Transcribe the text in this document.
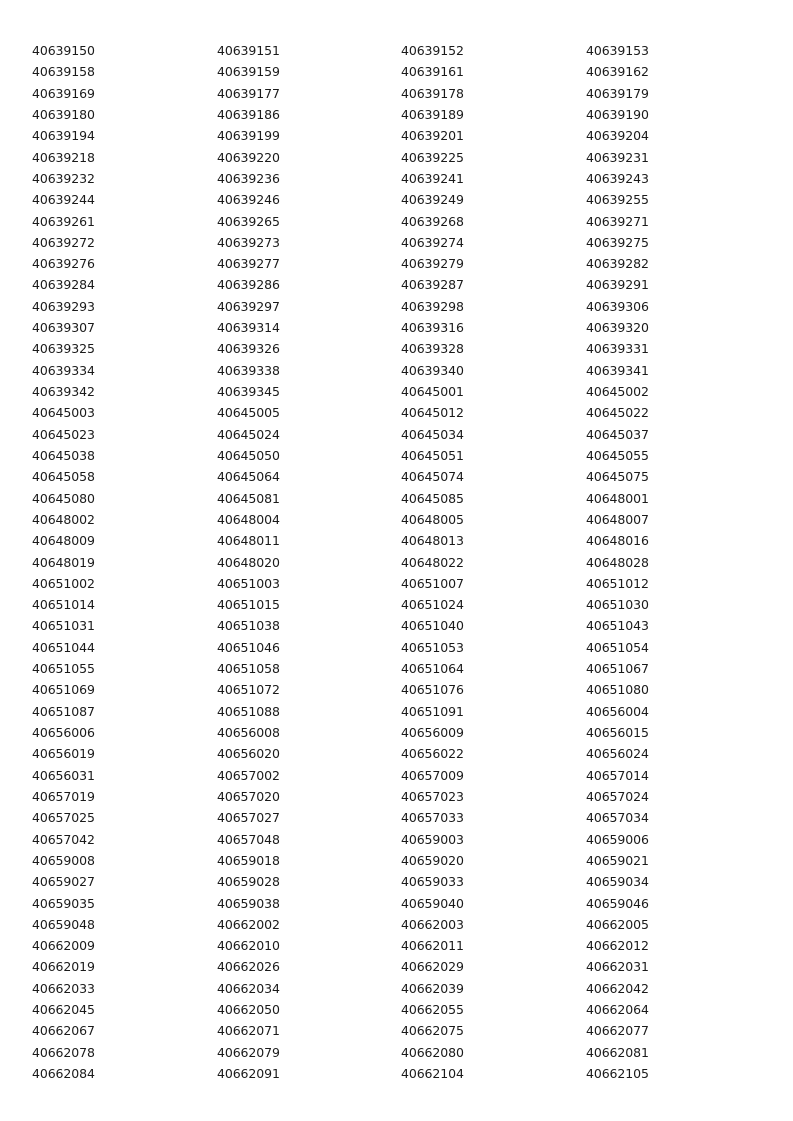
40639150	40639151	40639152	40639153
40639158	40639159	40639161	40639162
40639169	40639177	40639178	40639179
40639180	40639186	40639189	40639190
40639194	40639199	40639201	40639204
40639218	40639220	40639225	40639231
40639232	40639236	40639241	40639243
40639244	40639246	40639249	40639255
40639261	40639265	40639268	40639271
40639272	40639273	40639274	40639275
40639276	40639277	40639279	40639282
40639284	40639286	40639287	40639291
40639293	40639297	40639298	40639306
40639307	40639314	40639316	40639320
40639325	40639326	40639328	40639331
40639334	40639338	40639340	40639341
40639342	40639345	40645001	40645002
40645003	40645005	40645012	40645022
40645023	40645024	40645034	40645037
40645038	40645050	40645051	40645055
40645058	40645064	40645074	40645075
40645080	40645081	40645085	40648001
40648002	40648004	40648005	40648007
40648009	40648011	40648013	40648016
40648019	40648020	40648022	40648028
40651002	40651003	40651007	40651012
40651014	40651015	40651024	40651030
40651031	40651038	40651040	40651043
40651044	40651046	40651053	40651054
40651055	40651058	40651064	40651067
40651069	40651072	40651076	40651080
40651087	40651088	40651091	40656004
40656006	40656008	40656009	40656015
40656019	40656020	40656022	40656024
40656031	40657002	40657009	40657014
40657019	40657020	40657023	40657024
40657025	40657027	40657033	40657034
40657042	40657048	40659003	40659006
40659008	40659018	40659020	40659021
40659027	40659028	40659033	40659034
40659035	40659038	40659040	40659046
40659048	40662002	40662003	40662005
40662009	40662010	40662011	40662012
40662019	40662026	40662029	40662031
40662033	40662034	40662039	40662042
40662045	40662050	40662055	40662064
40662067	40662071	40662075	40662077
40662078	40662079	40662080	40662081
40662084	40662091	40662104	40662105
